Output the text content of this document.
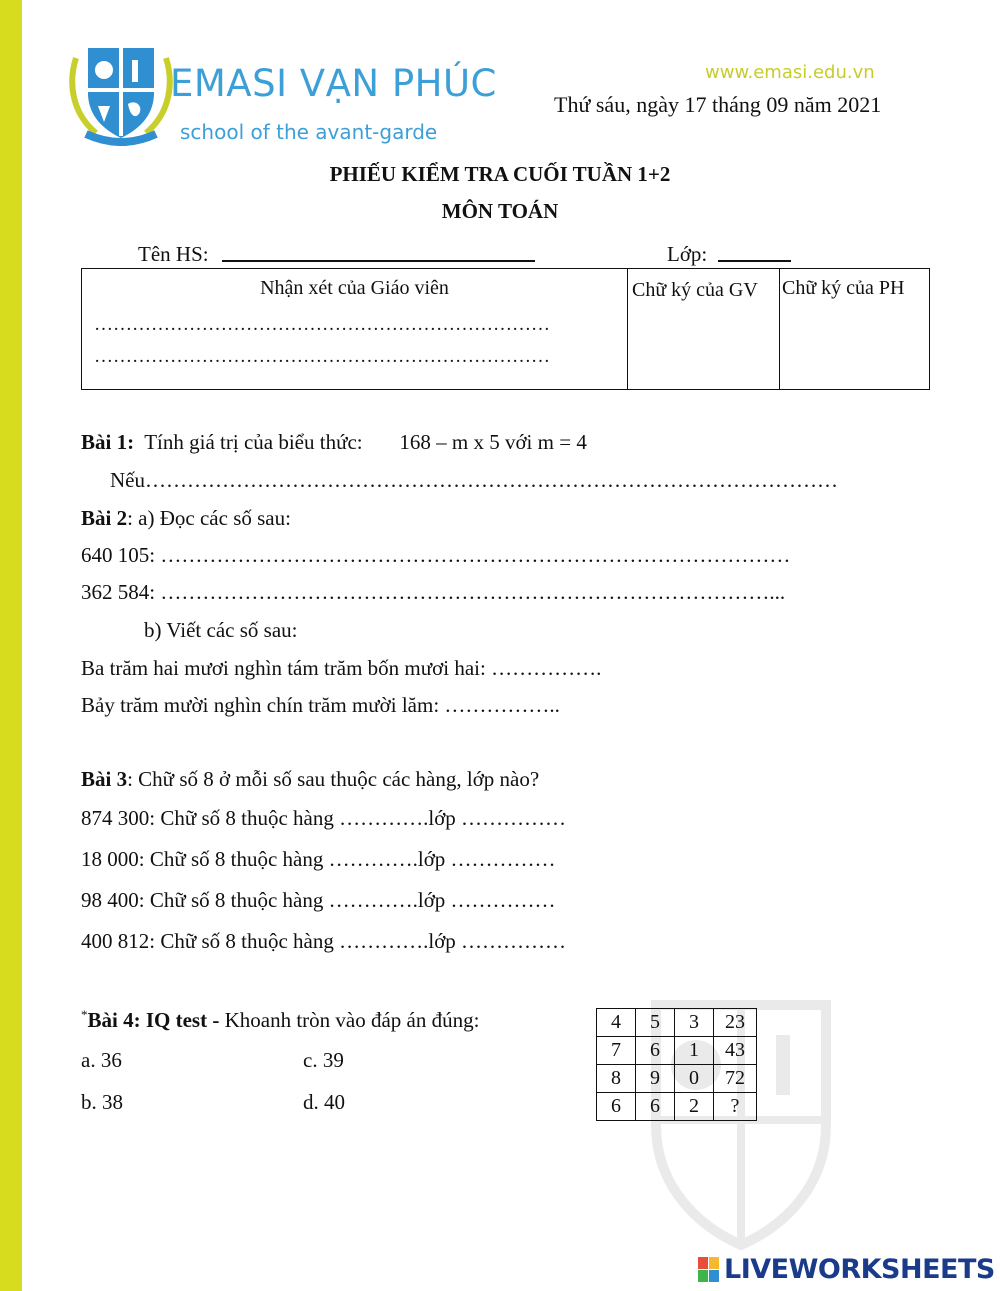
EMASI VẠN PHÚC
school of the avant-garde
www.emasi.edu.vn
Thứ sáu, ngày 17 tháng 09 năm 2021
PHIẾU KIỂM TRA CUỐI TUẦN 1+2
MÔN TOÁN
Tên HS:	Lớp:
Nhận xét của Giáo viên
………………………………………………………………
………………………………………………………………

Chữ ký của GV	Chữ ký của PH
Bài 1:  Tính giá trị của biểu thức:       168 – m x 5 với m = 4
Nếu………………………………………………………………………………………
Bài 2: a) Đọc các số sau:
640 105: ………………………………………………………………………………
362 584: ……………………………………………………………………………...
b) Viết các số sau:
Ba trăm hai mươi nghìn tám trăm bốn mươi hai: …………….
Bảy trăm mười nghìn chín trăm mười lăm: ……………..
Bài 3: Chữ số 8 ở mỗi số sau thuộc các hàng, lớp nào?
874 300: Chữ số 8 thuộc hàng ………….lớp ……………
18 000: Chữ số 8 thuộc hàng ………….lớp ……………
98 400: Chữ số 8 thuộc hàng ………….lớp ……………
400 812: Chữ số 8 thuộc hàng ………….lớp ……………
*Bài 4: IQ test - Khoanh tròn vào đáp án đúng:
a. 36	c. 39
b. 38	d. 40
4	5	3	23
7	6	1	43
8	9	0	72
6	6	2	?
LIVEWORKSHEETS
